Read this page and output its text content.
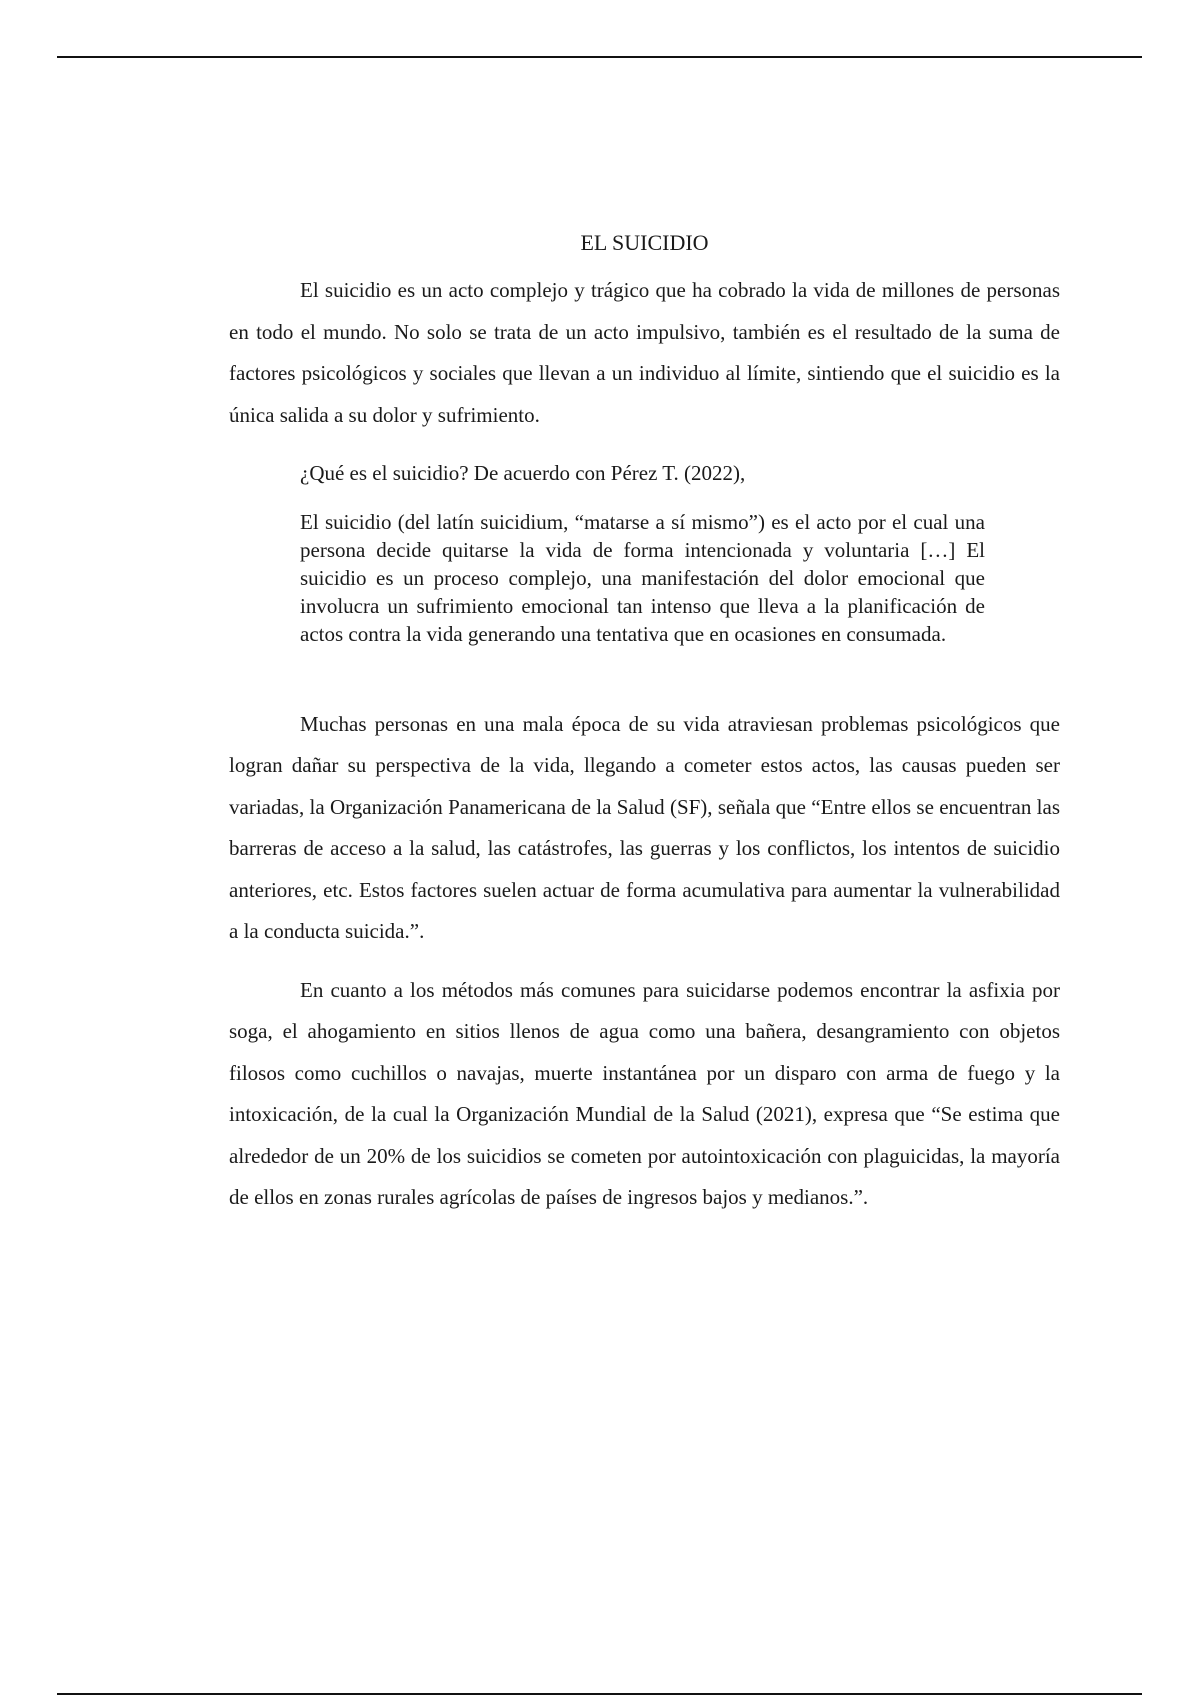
EL SUICIDIO

El suicidio es un acto complejo y trágico que ha cobrado la vida de millones de personas en todo el mundo. No solo se trata de un acto impulsivo, también es el resultado de la suma de factores psicológicos y sociales que llevan a un individuo al límite, sintiendo que el suicidio es la única salida a su dolor y sufrimiento.

¿Qué es el suicidio? De acuerdo con Pérez T. (2022),

El suicidio (del latín suicidium, “matarse a sí mismo”) es el acto por el cual una persona decide quitarse la vida de forma intencionada y voluntaria […] El suicidio es un proceso complejo, una manifestación del dolor emocional que involucra un sufrimiento emocional tan intenso que lleva a la planificación de actos contra la vida generando una tentativa que en ocasiones en consumada.

Muchas personas en una mala época de su vida atraviesan problemas psicológicos que logran dañar su perspectiva de la vida, llegando a cometer estos actos, las causas pueden ser variadas, la Organización Panamericana de la Salud (SF), señala que “Entre ellos se encuentran las barreras de acceso a la salud, las catástrofes, las guerras y los conflictos, los intentos de suicidio anteriores, etc. Estos factores suelen actuar de forma acumulativa para aumentar la vulnerabilidad a la conducta suicida.”.

En cuanto a los métodos más comunes para suicidarse podemos encontrar la asfixia por soga, el ahogamiento en sitios llenos de agua como una bañera, desangramiento con objetos filosos como cuchillos o navajas, muerte instantánea por un disparo con arma de fuego y la intoxicación, de la cual la Organización Mundial de la Salud (2021), expresa que “Se estima que alrededor de un 20% de los suicidios se cometen por autointoxicación con plaguicidas, la mayoría de ellos en zonas rurales agrícolas de países de ingresos bajos y medianos.”.
